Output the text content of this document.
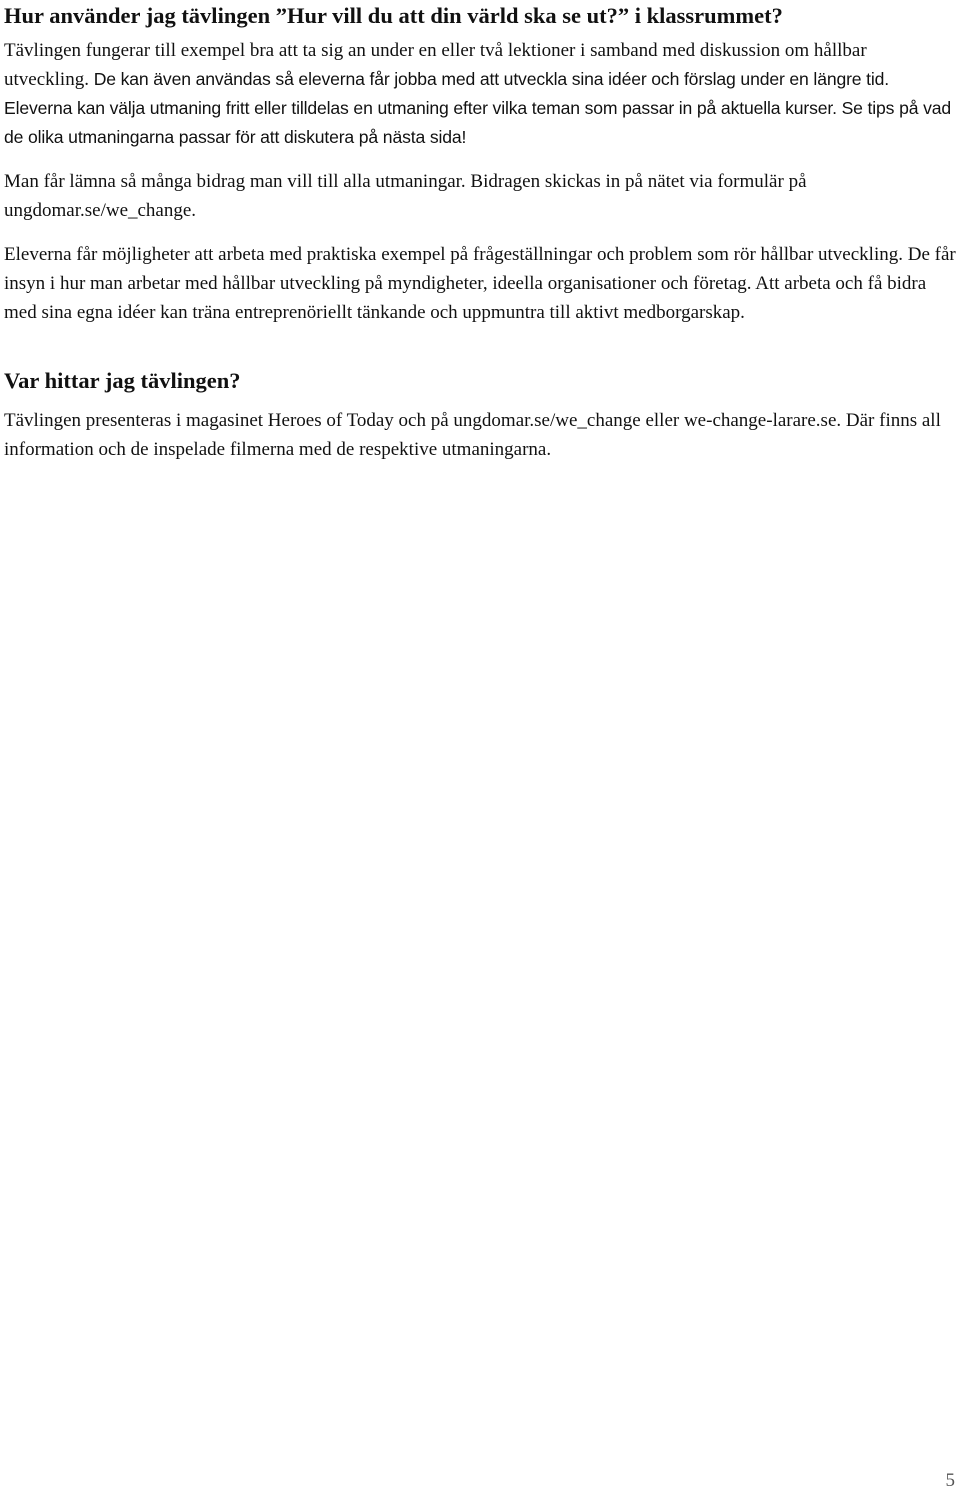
Hur använder jag tävlingen ”Hur vill du att din värld ska se ut?” i klassrummet?

Tävlingen fungerar till exempel bra att ta sig an under en eller två lektioner i samband med diskussion om hållbar utveckling. De kan även användas så eleverna får jobba med att utveckla sina idéer och förslag under en längre tid. Eleverna kan välja utmaning fritt eller tilldelas en utmaning efter vilka teman som passar in på aktuella kurser. Se tips på vad de olika utmaningarna passar för att diskutera på nästa sida!

Man får lämna så många bidrag man vill till alla utmaningar. Bidragen skickas in på nätet via formulär på ungdomar.se/we_change.

Eleverna får möjligheter att arbeta med praktiska exempel på frågeställningar och problem som rör hållbar utveckling. De får insyn i hur man arbetar med hållbar utveckling på myndigheter, ideella organisationer och företag. Att arbeta och få bidra med sina egna idéer kan träna entreprenöriellt tänkande och uppmuntra till aktivt medborgarskap.

Var hittar jag tävlingen?

Tävlingen presenteras i magasinet Heroes of Today och på ungdomar.se/we_change eller we-change-larare.se. Där finns all information och de inspelade filmerna med de respektive utmaningarna.

5
